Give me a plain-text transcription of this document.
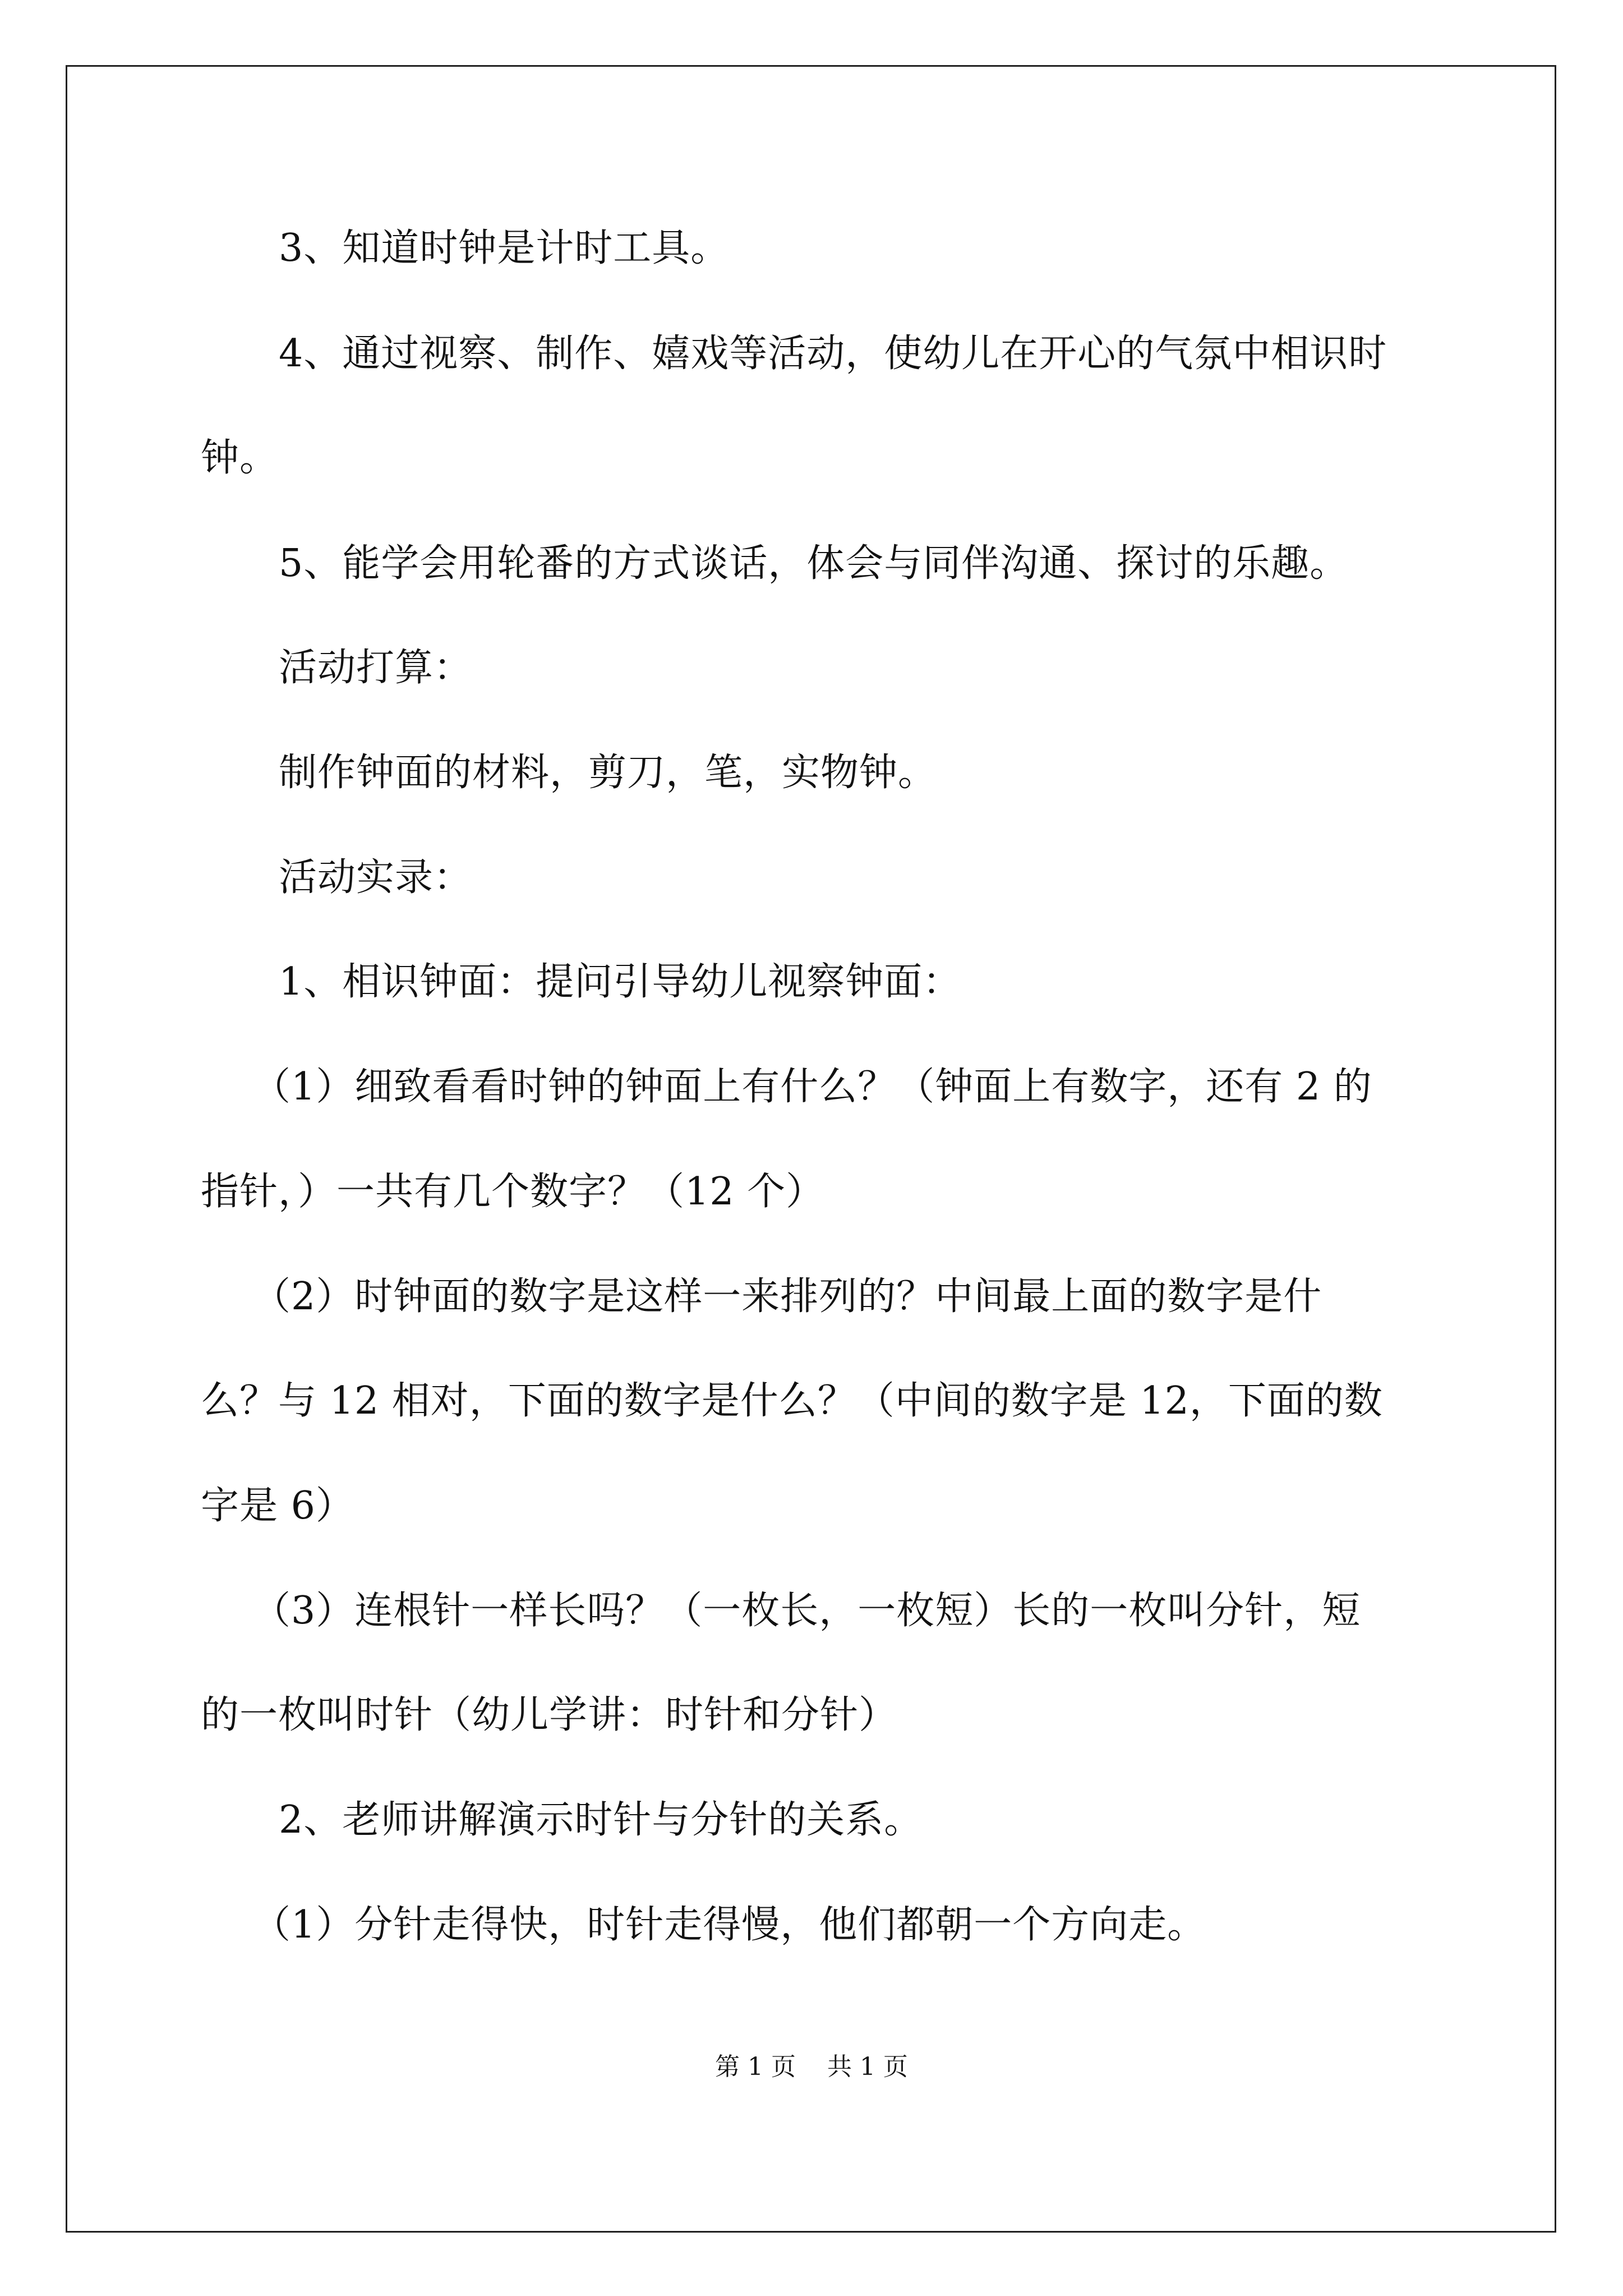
3、知道时钟是计时工具。
4、通过视察、制作、嬉戏等活动，使幼儿在开心的气氛中相识时
钟。
5、能学会用轮番的方式谈话，体会与同伴沟通、探讨的乐趣。
活动打算：
制作钟面的材料，剪刀，笔，实物钟。
活动实录：
1、相识钟面：提问引导幼儿视察钟面：
（1）细致看看时钟的钟面上有什么？（钟面上有数字，还有 2 的
指针，）一共有几个数字？（12 个）
（2）时钟面的数字是这样一来排列的？中间最上面的数字是什
么？与 12 相对，下面的数字是什么？（中间的数字是 12，下面的数
字是 6）
（3）连根针一样长吗？（一枚长，一枚短）长的一枚叫分针，短
的一枚叫时针（幼儿学讲：时针和分针）
2、老师讲解演示时针与分针的关系。
（1）分针走得快，时针走得慢，他们都朝一个方向走。
第 1 页    共 1 页
